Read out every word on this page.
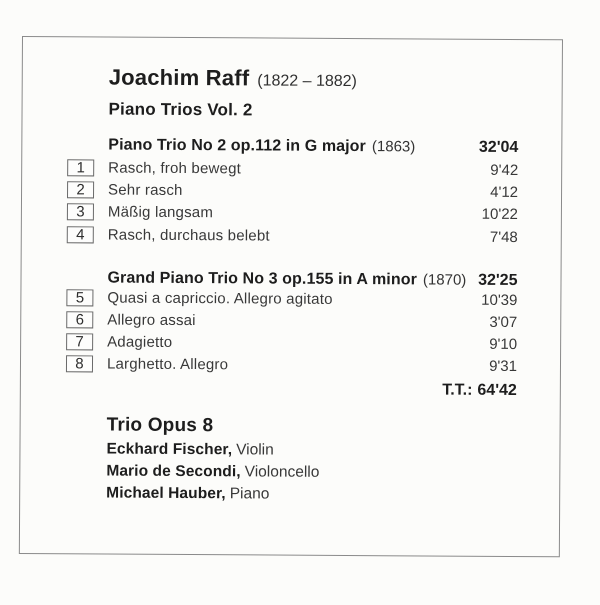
Joachim Raff (1822 – 1882)
Piano Trios Vol. 2
Piano Trio No 2 op.112 in G major (1863)	32'04
1 Rasch, froh bewegt	9'42
2 Sehr rasch	4'12
3 Mäßig langsam	10'22
4 Rasch, durchaus belebt	7'48
Grand Piano Trio No 3 op.155 in A minor (1870) 32'25
5 Quasi a capriccio. Allegro agitato	10'39
6 Allegro assai	3'07
7 Adagietto	9'10
8 Larghetto. Allegro	9'31
T.T.: 64'42
Trio Opus 8
Eckhard Fischer, Violin
Mario de Secondi, Violoncello
Michael Hauber, Piano
